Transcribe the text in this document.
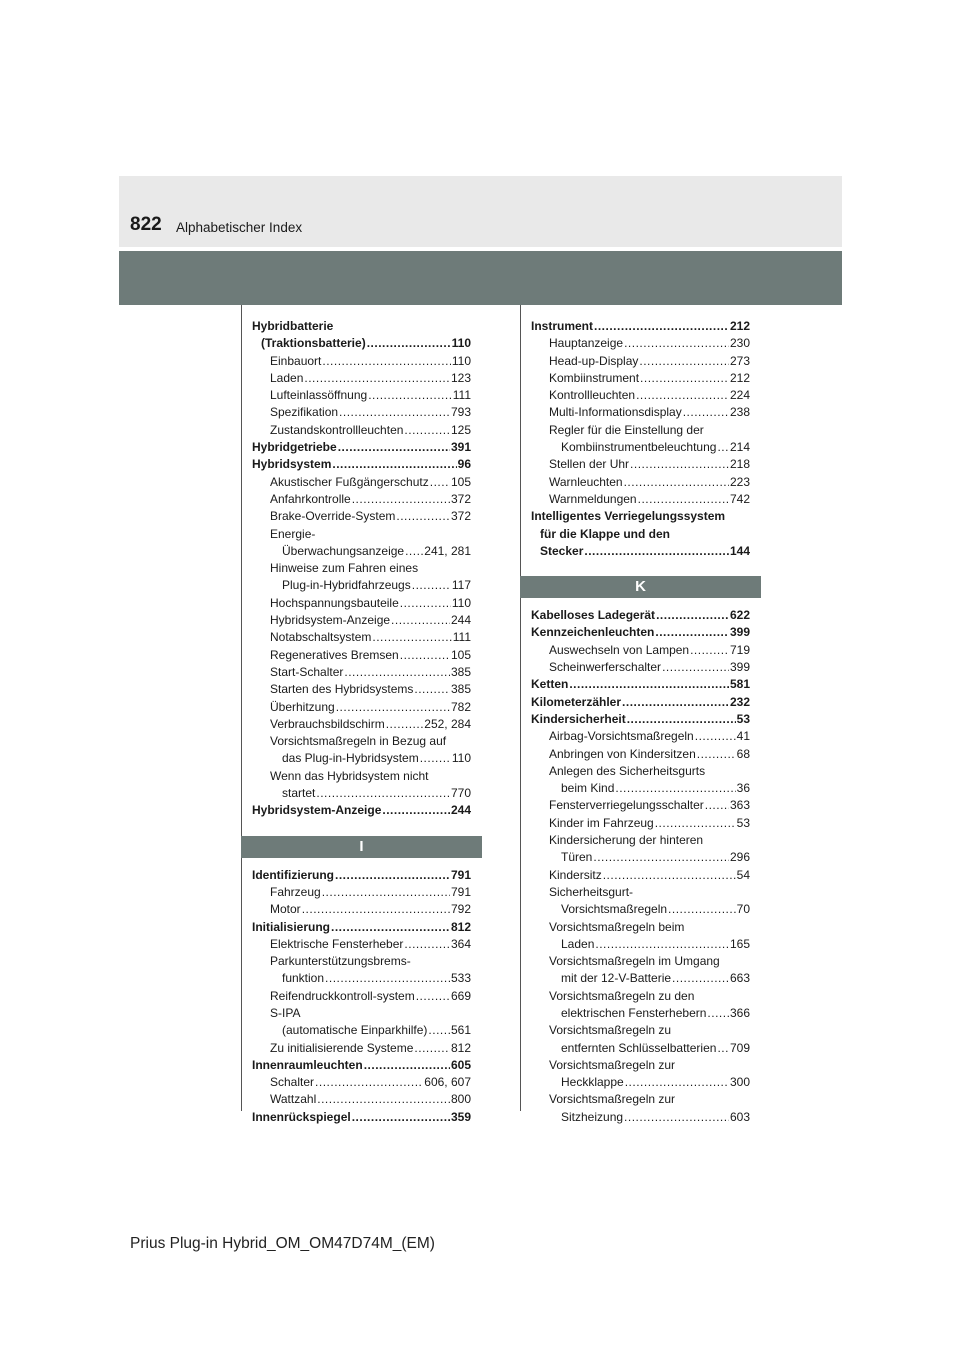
822 Alphabetischer Index
Hybridbatterie
(Traktionsbatterie) .....	110
Einbauort .....	110
Laden .....	123
Lufteinlassöffnung .....	111
Spezifikation .....	793
Zustandskontrollleuchten .....	125
Hybridgetriebe .....	391
Hybridsystem .....	96
Akustischer Fußgängerschutz ..... 105
Anfahrkontrolle .....	372
Brake-Override-System .....	372
Energie-
Überwachungsanzeige ..... 241, 281
Hinweise zum Fahren eines
Plug-in-Hybridfahrzeugs .....	117
Hochspannungsbauteile .....	110
Hybridsystem-Anzeige .....	244
Notabschaltsystem .....	111
Regeneratives Bremsen .....	105
Start-Schalter .....	385
Starten des Hybridsystems .....	385
Überhitzung .....	782
Verbrauchsbildschirm .....	252, 284
Vorsichtsmaßregeln in Bezug auf
das Plug-in-Hybridsystem .....	110
Wenn das Hybridsystem nicht
startet .....	770
Hybridsystem-Anzeige .....	244
I
Identifizierung .....	791
Fahrzeug .....	791
Motor .....	792
Initialisierung .....	812
Elektrische Fensterheber .....	364
Parkunterstützungsbrems-
funktion .....	533
Reifendruckkontroll-system .....	669
S-IPA
(automatische Einparkhilfe) ..... 561
Zu initialisierende Systeme .....	812
Innenraumleuchten .....	605
Schalter .....	606, 607
Wattzahl .....	800
Innenrückspiegel .....	359
Instrument .....	212
Hauptanzeige .....	230
Head-up-Display .....	273
Kombiinstrument .....	212
Kontrollleuchten .....	224
Multi-Informationsdisplay .....	238
Regler für die Einstellung der
Kombiinstrumentbeleuchtung ..... 214
Stellen der Uhr .....	218
Warnleuchten .....	223
Warnmeldungen .....	742
Intelligentes Verriegelungssystem
für die Klappe und den
Stecker .....	144
K
Kabelloses Ladegerät .....	622
Kennzeichenleuchten .....	399
Auswechseln von Lampen .....	719
Scheinwerferschalter .....	399
Ketten .....	581
Kilometerzähler .....	232
Kindersicherheit .....	53
Airbag-Vorsichtsmaßregeln .....	41
Anbringen von Kindersitzen .....	68
Anlegen des Sicherheitsgurts
beim Kind .....	36
Fensterverriegelungsschalter ..... 363
Kinder im Fahrzeug .....	53
Kindersicherung der hinteren
Türen .....	296
Kindersitz .....	54
Sicherheitsgurt-
Vorsichtsmaßregeln .....	70
Vorsichtsmaßregeln beim
Laden .....	165
Vorsichtsmaßregeln im Umgang
mit der 12-V-Batterie .....	663
Vorsichtsmaßregeln zu den
elektrischen Fensterhebern ..... 366
Vorsichtsmaßregeln zu
entfernten Schlüsselbatterien ..... 709
Vorsichtsmaßregeln zur
Heckklappe .....	300
Vorsichtsmaßregeln zur
Sitzheizung .....	603
Prius Plug-in Hybrid_OM_OM47D74M_(EM)
